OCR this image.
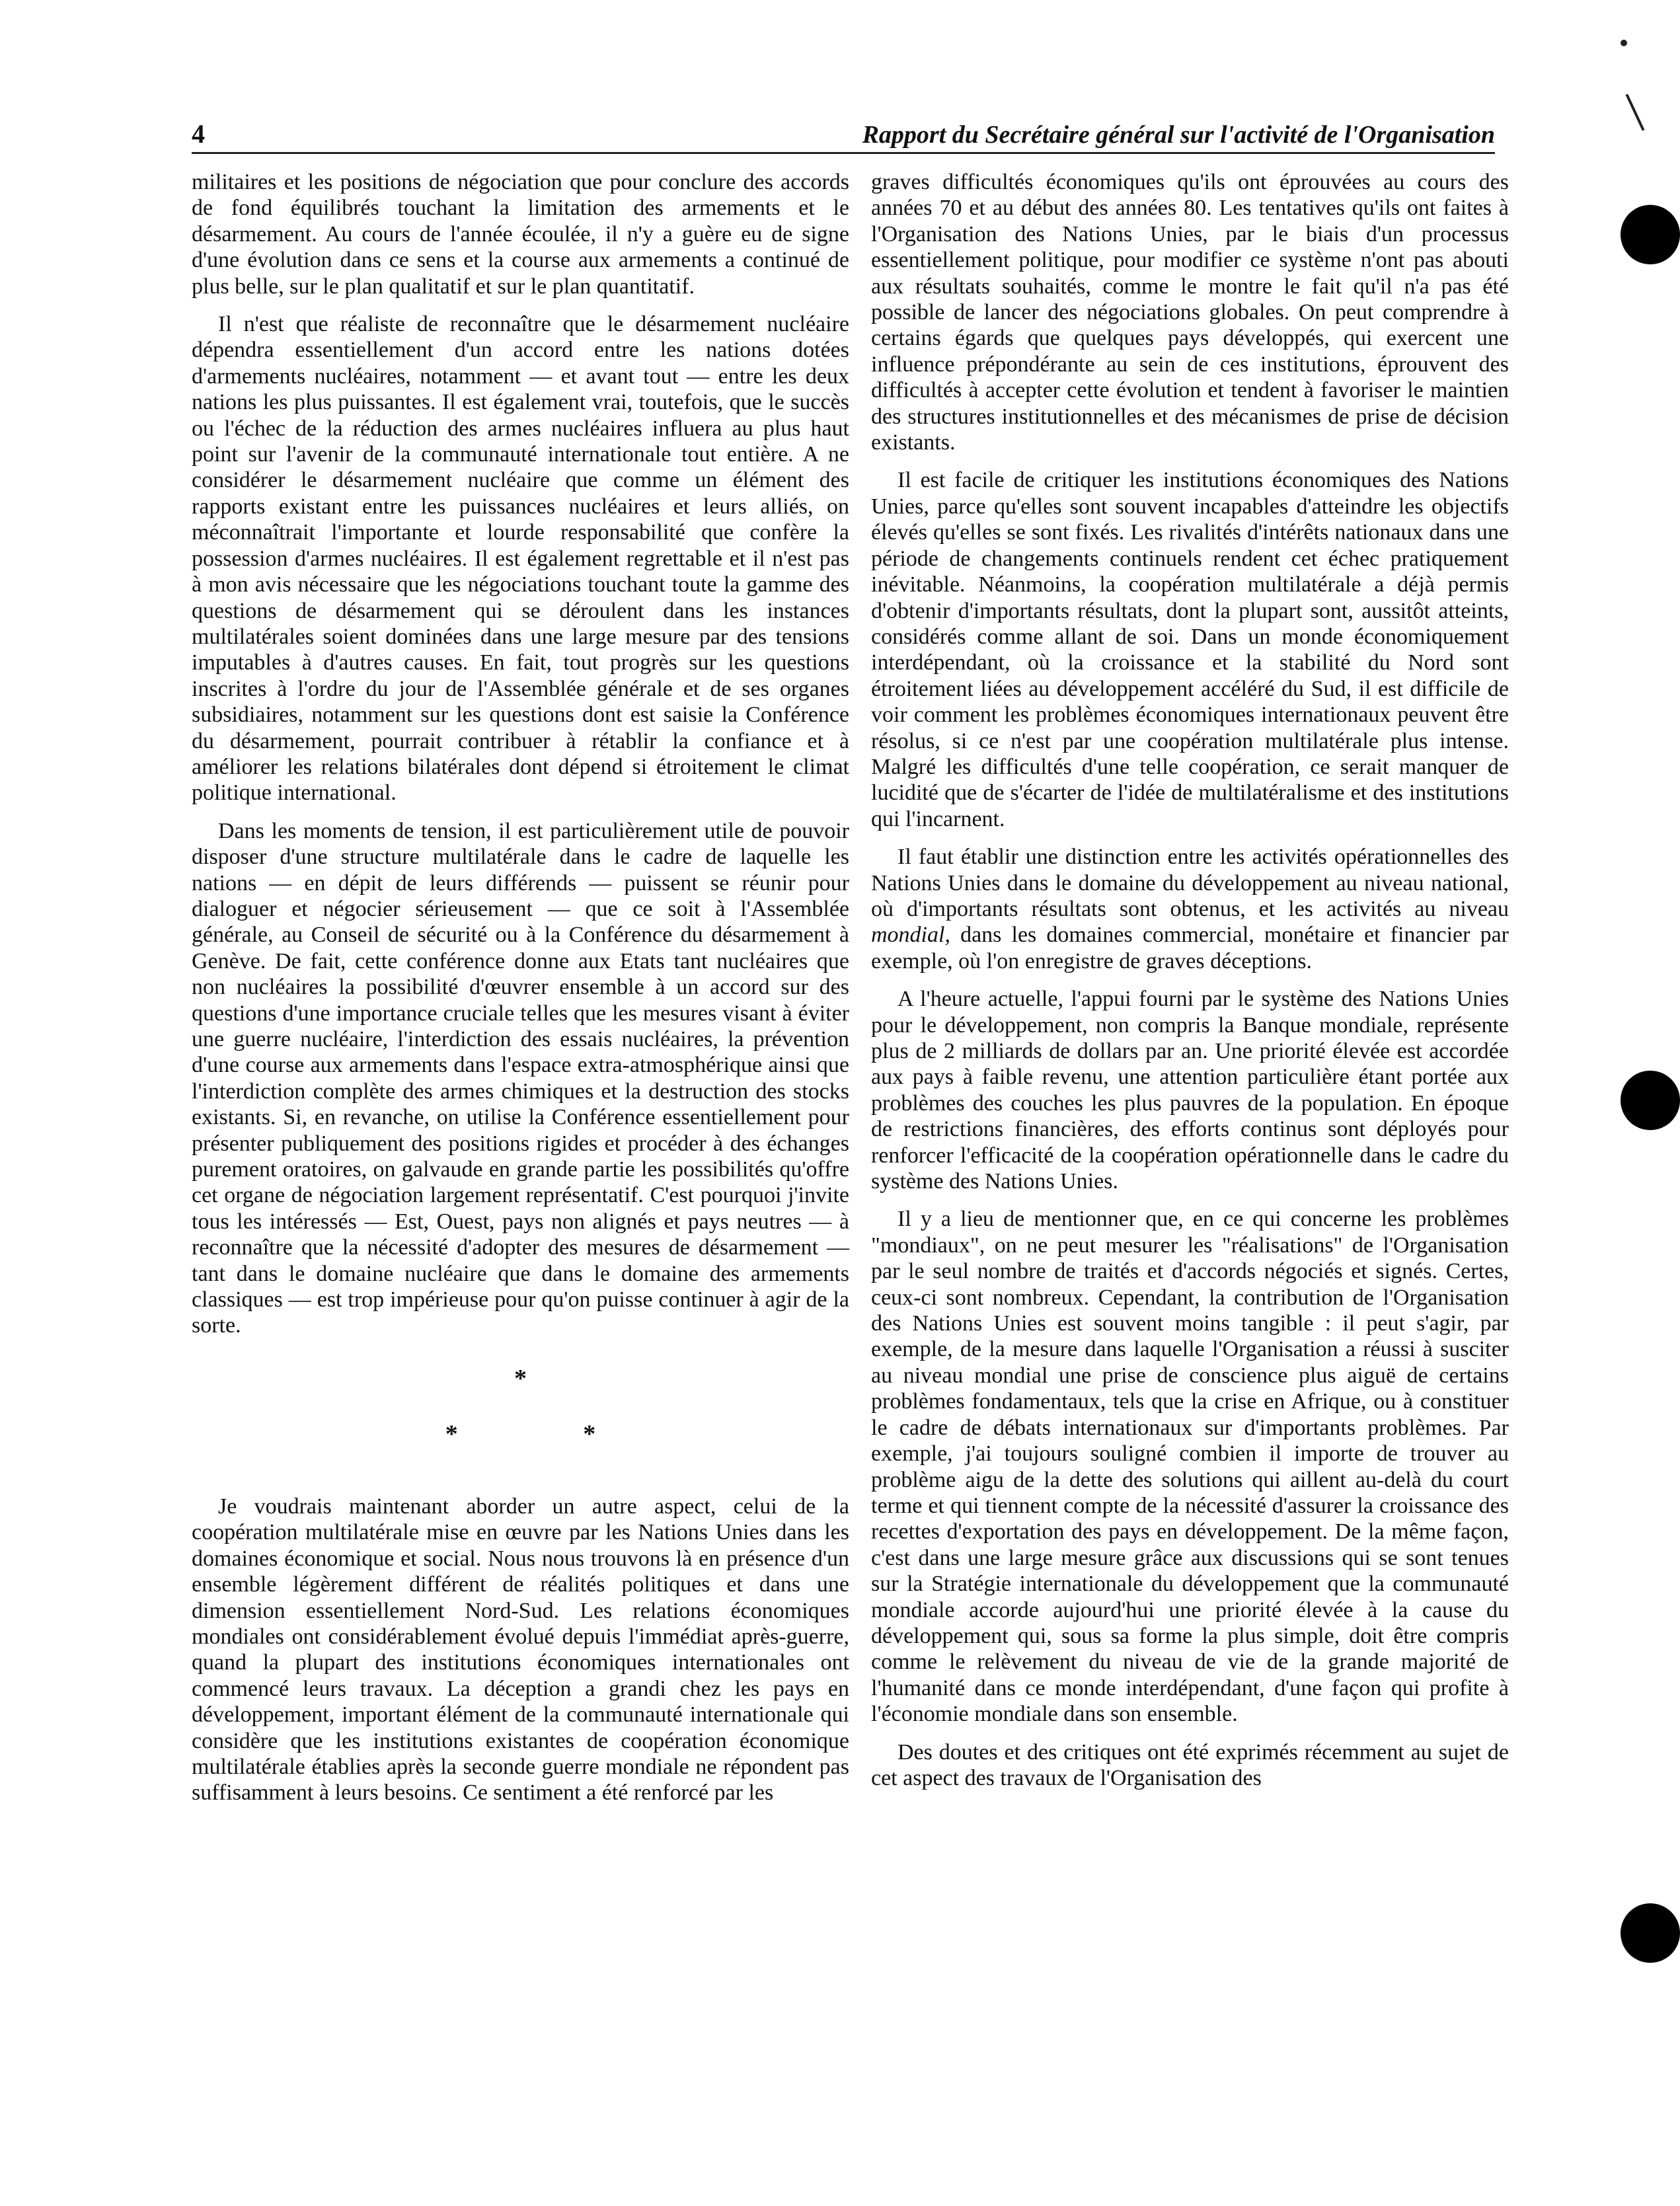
4	Rapport du Secrétaire général sur l'activité de l'Organisation

militaires et les positions de négociation que pour conclure des accords de fond équilibrés touchant la limitation des armements et le désarmement. Au cours de l'année écoulée, il n'y a guère eu de signe d'une évolution dans ce sens et la course aux armements a continué de plus belle, sur le plan qualitatif et sur le plan quantitatif.

Il n'est que réaliste de reconnaître que le désarmement nucléaire dépendra essentiellement d'un accord entre les nations dotées d'armements nucléaires, notamment — et avant tout — entre les deux nations les plus puissantes. Il est également vrai, toutefois, que le succès ou l'échec de la réduction des armes nucléaires influera au plus haut point sur l'avenir de la communauté internationale tout entière. A ne considérer le désarmement nucléaire que comme un élément des rapports existant entre les puissances nucléaires et leurs alliés, on méconnaîtrait l'importante et lourde responsabilité que confère la possession d'armes nucléaires. Il est également regrettable et il n'est pas à mon avis nécessaire que les négociations touchant toute la gamme des questions de désarmement qui se déroulent dans les instances multilatérales soient dominées dans une large mesure par des tensions imputables à d'autres causes. En fait, tout progrès sur les questions inscrites à l'ordre du jour de l'Assemblée générale et de ses organes subsidiaires, notamment sur les questions dont est saisie la Conférence du désarmement, pourrait contribuer à rétablir la confiance et à améliorer les relations bilatérales dont dépend si étroitement le climat politique international.

Dans les moments de tension, il est particulièrement utile de pouvoir disposer d'une structure multilatérale dans le cadre de laquelle les nations — en dépit de leurs différends — puissent se réunir pour dialoguer et négocier sérieusement — que ce soit à l'Assemblée générale, au Conseil de sécurité ou à la Conférence du désarmement à Genève. De fait, cette conférence donne aux Etats tant nucléaires que non nucléaires la possibilité d'œuvrer ensemble à un accord sur des questions d'une importance cruciale telles que les mesures visant à éviter une guerre nucléaire, l'interdiction des essais nucléaires, la prévention d'une course aux armements dans l'espace extra-atmosphérique ainsi que l'interdiction complète des armes chimiques et la destruction des stocks existants. Si, en revanche, on utilise la Conférence essentiellement pour présenter publiquement des positions rigides et procéder à des échanges purement oratoires, on galvaude en grande partie les possibilités qu'offre cet organe de négociation largement représentatif. C'est pourquoi j'invite tous les intéressés — Est, Ouest, pays non alignés et pays neutres — à reconnaître que la nécessité d'adopter des mesures de désarmement — tant dans le domaine nucléaire que dans le domaine des armements classiques — est trop impérieuse pour qu'on puisse continuer à agir de la sorte.

*
* *

Je voudrais maintenant aborder un autre aspect, celui de la coopération multilatérale mise en œuvre par les Nations Unies dans les domaines économique et social. Nous nous trouvons là en présence d'un ensemble légèrement différent de réalités politiques et dans une dimension essentiellement Nord-Sud. Les relations économiques mondiales ont considérablement évolué depuis l'immédiat après-guerre, quand la plupart des institutions économiques internationales ont commencé leurs travaux. La déception a grandi chez les pays en développement, important élément de la communauté internationale qui considère que les institutions existantes de coopération économique multilatérale établies après la seconde guerre mondiale ne répondent pas suffisamment à leurs besoins. Ce sentiment a été renforcé par les

graves difficultés économiques qu'ils ont éprouvées au cours des années 70 et au début des années 80. Les tentatives qu'ils ont faites à l'Organisation des Nations Unies, par le biais d'un processus essentiellement politique, pour modifier ce système n'ont pas abouti aux résultats souhaités, comme le montre le fait qu'il n'a pas été possible de lancer des négociations globales. On peut comprendre à certains égards que quelques pays développés, qui exercent une influence prépondérante au sein de ces institutions, éprouvent des difficultés à accepter cette évolution et tendent à favoriser le maintien des structures institutionnelles et des mécanismes de prise de décision existants.

Il est facile de critiquer les institutions économiques des Nations Unies, parce qu'elles sont souvent incapables d'atteindre les objectifs élevés qu'elles se sont fixés. Les rivalités d'intérêts nationaux dans une période de changements continuels rendent cet échec pratiquement inévitable. Néanmoins, la coopération multilatérale a déjà permis d'obtenir d'importants résultats, dont la plupart sont, aussitôt atteints, considérés comme allant de soi. Dans un monde économiquement interdépendant, où la croissance et la stabilité du Nord sont étroitement liées au développement accéléré du Sud, il est difficile de voir comment les problèmes économiques internationaux peuvent être résolus, si ce n'est par une coopération multilatérale plus intense. Malgré les difficultés d'une telle coopération, ce serait manquer de lucidité que de s'écarter de l'idée de multilatéralisme et des institutions qui l'incarnent.

Il faut établir une distinction entre les activités opérationnelles des Nations Unies dans le domaine du développement au niveau national, où d'importants résultats sont obtenus, et les activités au niveau mondial, dans les domaines commercial, monétaire et financier par exemple, où l'on enregistre de graves déceptions.

A l'heure actuelle, l'appui fourni par le système des Nations Unies pour le développement, non compris la Banque mondiale, représente plus de 2 milliards de dollars par an. Une priorité élevée est accordée aux pays à faible revenu, une attention particulière étant portée aux problèmes des couches les plus pauvres de la population. En époque de restrictions financières, des efforts continus sont déployés pour renforcer l'efficacité de la coopération opérationnelle dans le cadre du système des Nations Unies.

Il y a lieu de mentionner que, en ce qui concerne les problèmes "mondiaux", on ne peut mesurer les "réalisations" de l'Organisation par le seul nombre de traités et d'accords négociés et signés. Certes, ceux-ci sont nombreux. Cependant, la contribution de l'Organisation des Nations Unies est souvent moins tangible : il peut s'agir, par exemple, de la mesure dans laquelle l'Organisation a réussi à susciter au niveau mondial une prise de conscience plus aiguë de certains problèmes fondamentaux, tels que la crise en Afrique, ou à constituer le cadre de débats internationaux sur d'importants problèmes. Par exemple, j'ai toujours souligné combien il importe de trouver au problème aigu de la dette des solutions qui aillent au-delà du court terme et qui tiennent compte de la nécessité d'assurer la croissance des recettes d'exportation des pays en développement. De la même façon, c'est dans une large mesure grâce aux discussions qui se sont tenues sur la Stratégie internationale du développement que la communauté mondiale accorde aujourd'hui une priorité élevée à la cause du développement qui, sous sa forme la plus simple, doit être compris comme le relèvement du niveau de vie de la grande majorité de l'humanité dans ce monde interdépendant, d'une façon qui profite à l'économie mondiale dans son ensemble.

Des doutes et des critiques ont été exprimés récemment au sujet de cet aspect des travaux de l'Organisation des
